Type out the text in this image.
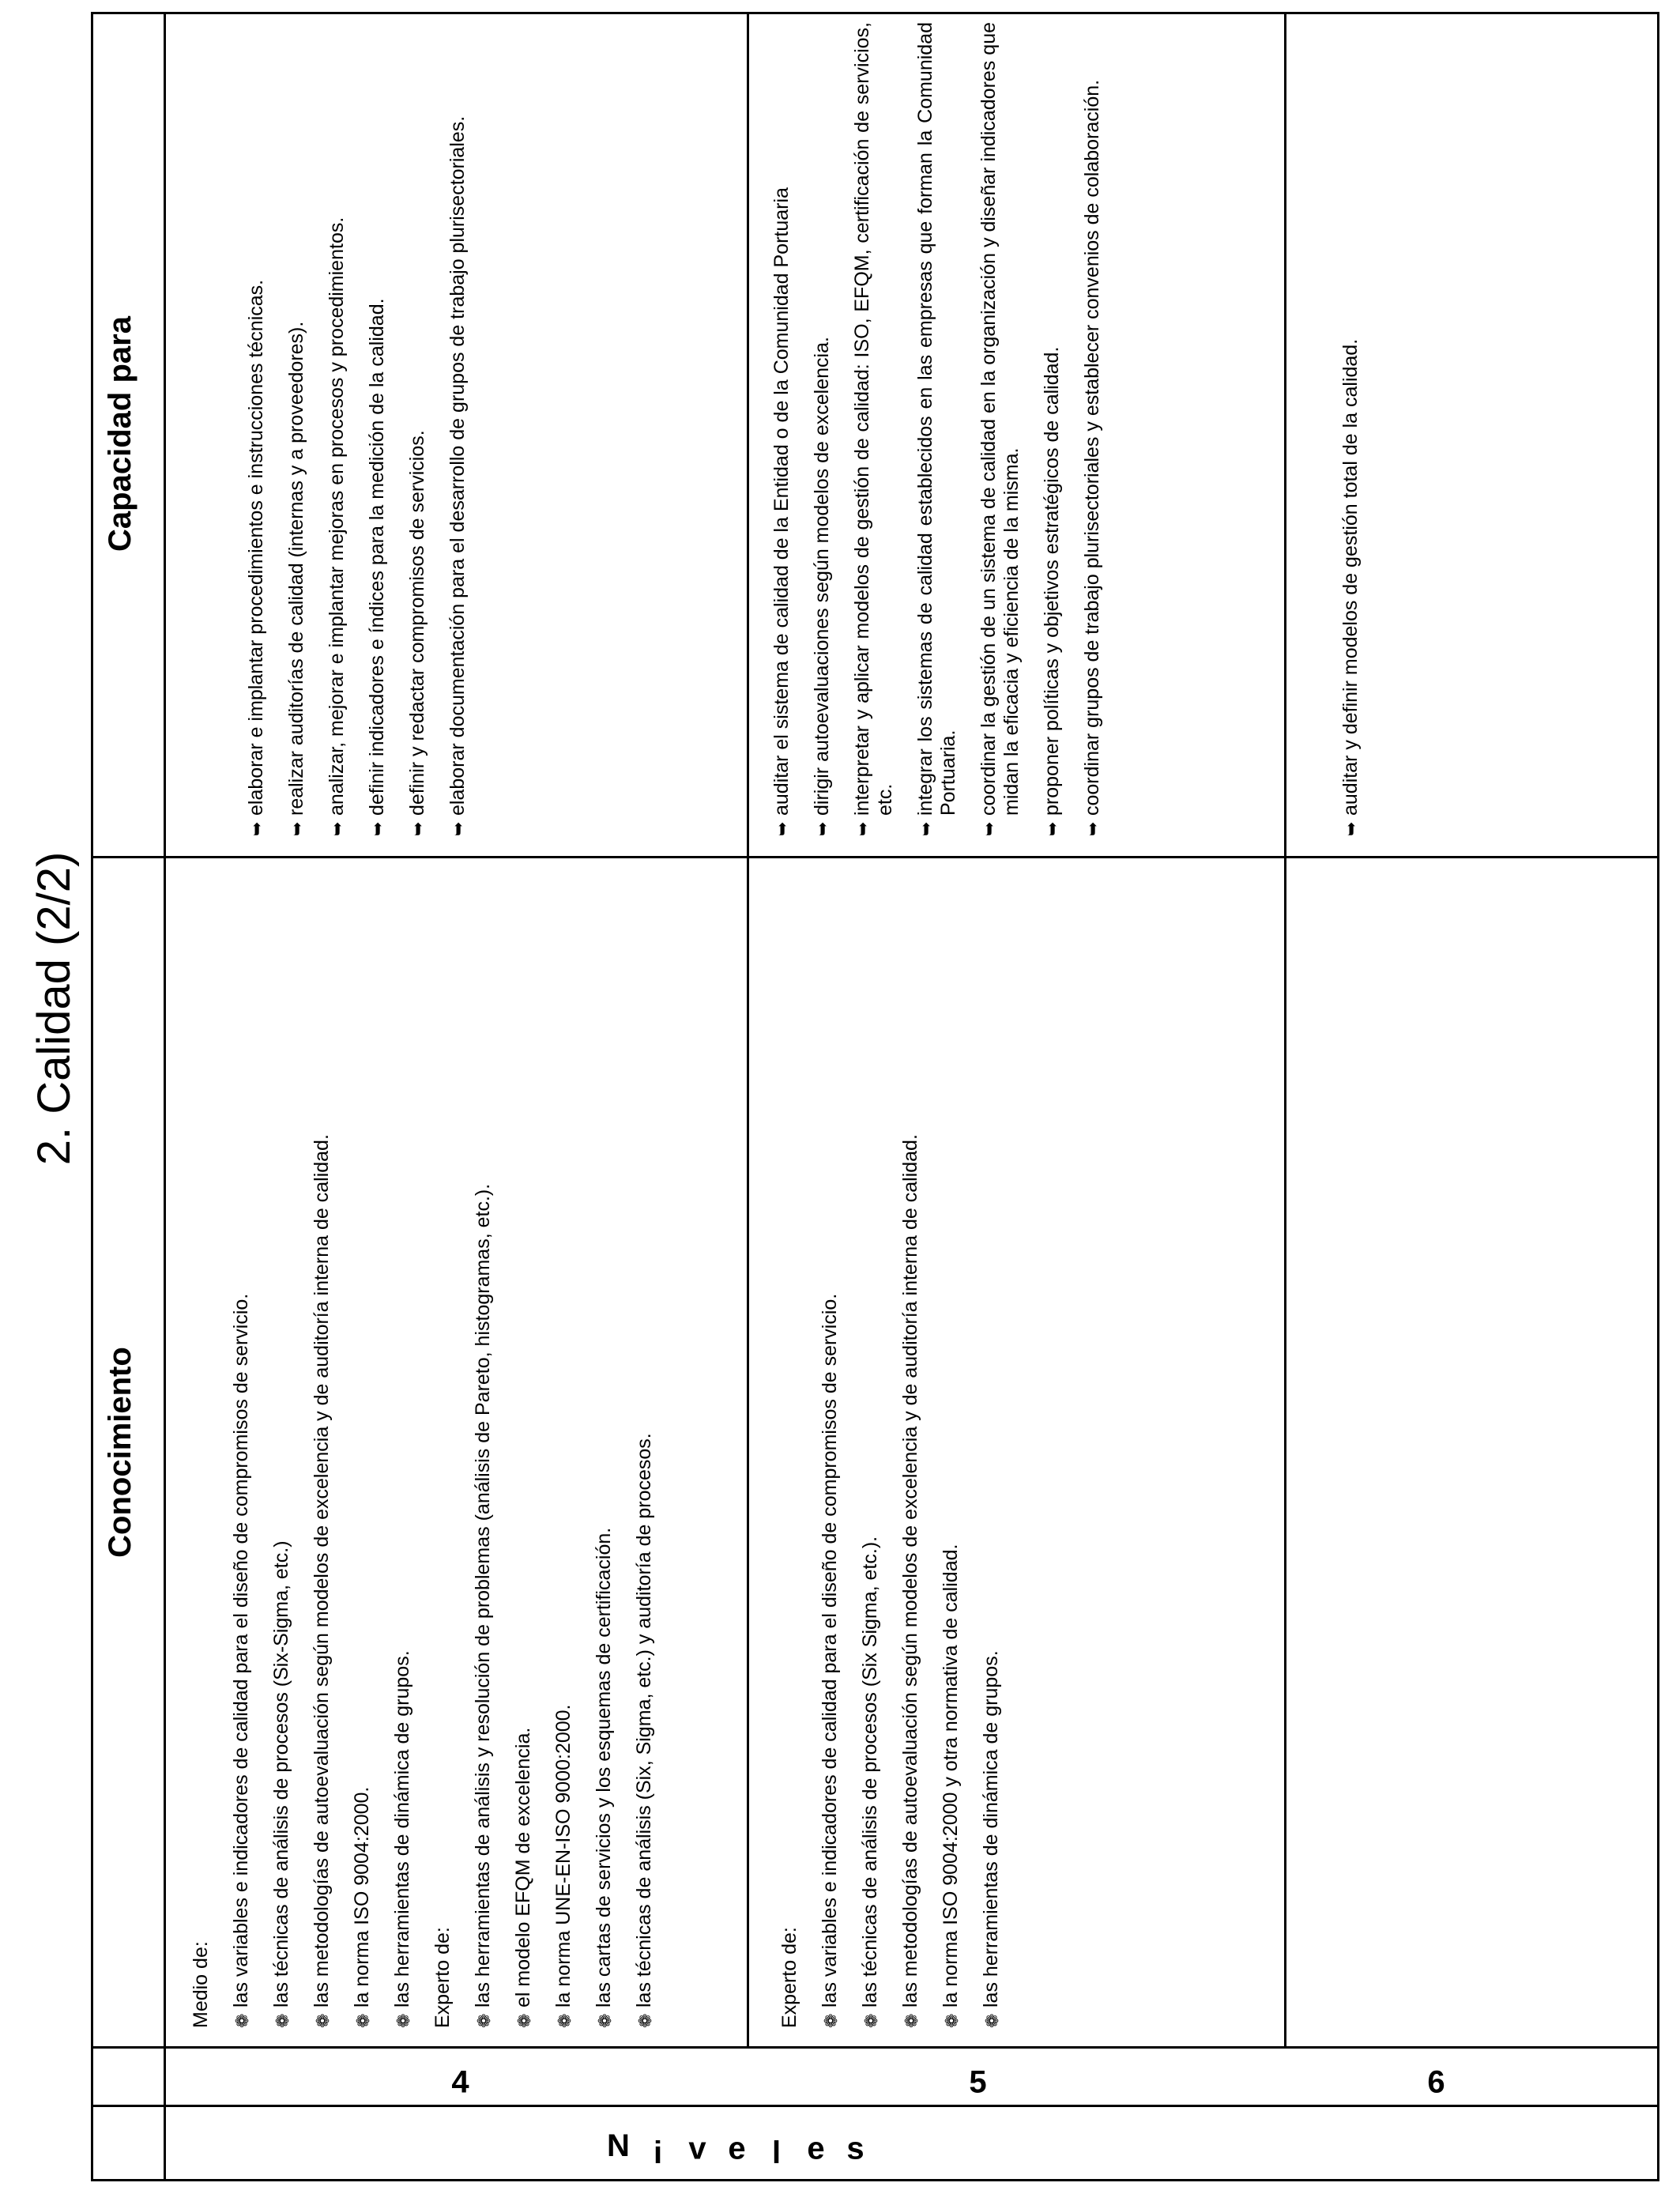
2. Calidad (2/2)
Conocimiento
Capacidad para
N i v e l e s
4	5	6
Medio de: ❁
las variables e indicadores de calidad para el diseño de compromisos de servicio.
❁
las técnicas de análisis de procesos (Six-Sigma, etc.)
❁
las metodologías de autoevaluación según modelos de excelencia y de auditoría interna de calidad.
❁
la norma ISO 9004:2000.
❁
las herramientas de dinámica de grupos. Experto de: ❁
las herramientas de análisis y resolución de problemas (análisis de Pareto, histogramas, etc.).
❁
el modelo EFQM de excelencia.
❁
la norma UNE-EN-ISO 9000:2000.
❁
las cartas de servicios y los esquemas de certificación.
❁
las técnicas de análisis (Six, Sigma, etc.) y auditoría de procesos.
➥
elaborar e implantar procedimientos e instrucciones técnicas.
➥
realizar auditorías de calidad (internas y a proveedores).
➥
analizar, mejorar e implantar mejoras en procesos y procedimientos.
➥
definir indicadores e índices para la medición de la calidad.
➥
definir y redactar compromisos de servicios.
➥
elaborar documentación para el desarrollo de grupos de trabajo plurisectoriales.
Experto de: ❁
las variables e indicadores de calidad para el diseño de compromisos de servicio.
❁
las técnicas de análisis de procesos (Six Sigma, etc.).
❁
las metodologías de autoevaluación según modelos de excelencia y de auditoría interna de calidad.
❁
la norma ISO 9004:2000 y otra normativa de calidad.
❁
las herramientas de dinámica de grupos.
➥
auditar el sistema de calidad de la Entidad o de la Comunidad Portuaria
➥
dirigir autoevaluaciones según modelos de excelencia.
➥
interpretar y aplicar modelos de gestión de calidad: ISO, EFQM, certificación de servicios, etc.
➥
integrar los sistemas de calidad establecidos en las empresas que forman la Comunidad Portuaria.
➥
coordinar la gestión de un sistema de calidad en la organización y diseñar indicadores que midan la eficacia y eficiencia de la misma.
➥
proponer políticas y objetivos estratégicos de calidad.
➥
coordinar grupos de trabajo plurisectoriales y establecer convenios de colaboración.
➥
auditar y definir modelos de gestión total de la calidad.
